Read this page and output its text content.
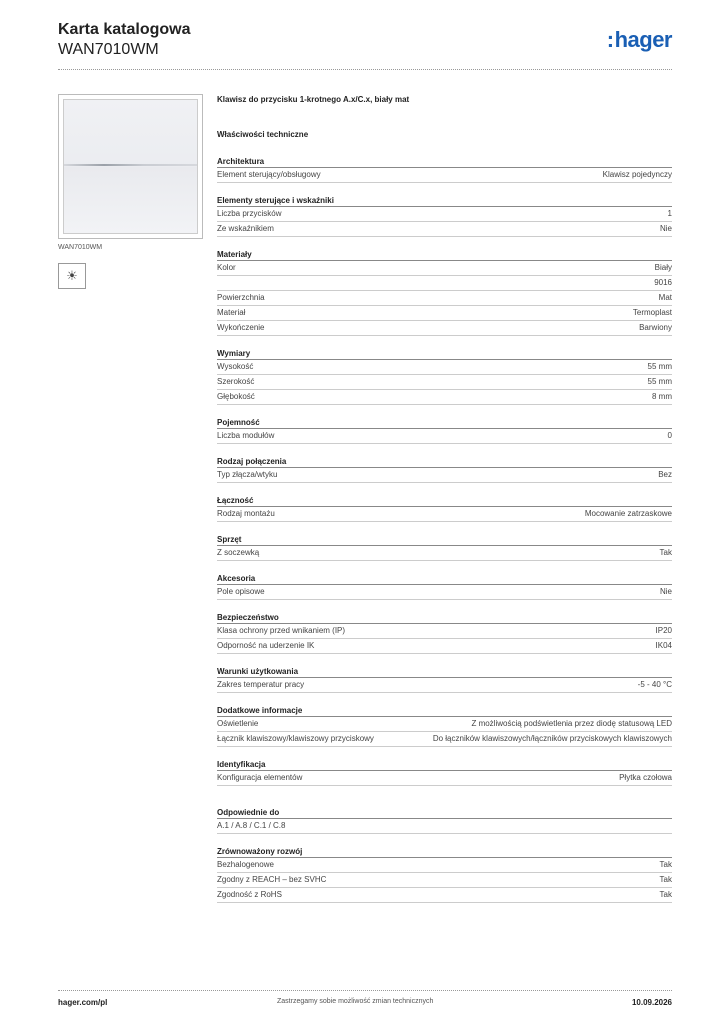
Karta katalogowa
WAN7010WM	:hager
WAN7010WM
☀
Klawisz do przycisku 1-krotnego A.x/C.x, biały mat
Właściwości techniczne
Architektura
Element sterujący/obsługowy	Klawisz pojedynczy
Elementy sterujące i wskaźniki
Liczba przycisków	1
Ze wskaźnikiem	Nie
Materiały
Kolor	Biały
9016
Powierzchnia	Mat
Materiał	Termoplast
Wykończenie	Barwiony
Wymiary
Wysokość	55 mm
Szerokość	55 mm
Głębokość	8 mm
Pojemność
Liczba modułów	0
Rodzaj połączenia
Typ złącza/wtyku	Bez
Łączność
Rodzaj montażu	Mocowanie zatrzaskowe
Sprzęt
Z soczewką	Tak
Akcesoria
Pole opisowe	Nie
Bezpieczeństwo
Klasa ochrony przed wnikaniem (IP)	IP20
Odporność na uderzenie IK	IK04
Warunki użytkowania
Zakres temperatur pracy	-5 - 40 °C
Dodatkowe informacje
Oświetlenie	Z możliwością podświetlenia przez diodę statusową LED
Łącznik klawiszowy/klawiszowy przyciskowy	Do łączników klawiszowych/łączników przyciskowych klawiszowych
Identyfikacja
Konfiguracja elementów	Płytka czołowa
Odpowiednie do
A.1 / A.8 / C.1 / C.8
Zrównoważony rozwój
Bezhalogenowe	Tak
Zgodny z REACH – bez SVHC	Tak
Zgodność z RoHS	Tak
hager.com/pl	Zastrzegamy sobie możliwość zmian technicznych	10.09.2026
